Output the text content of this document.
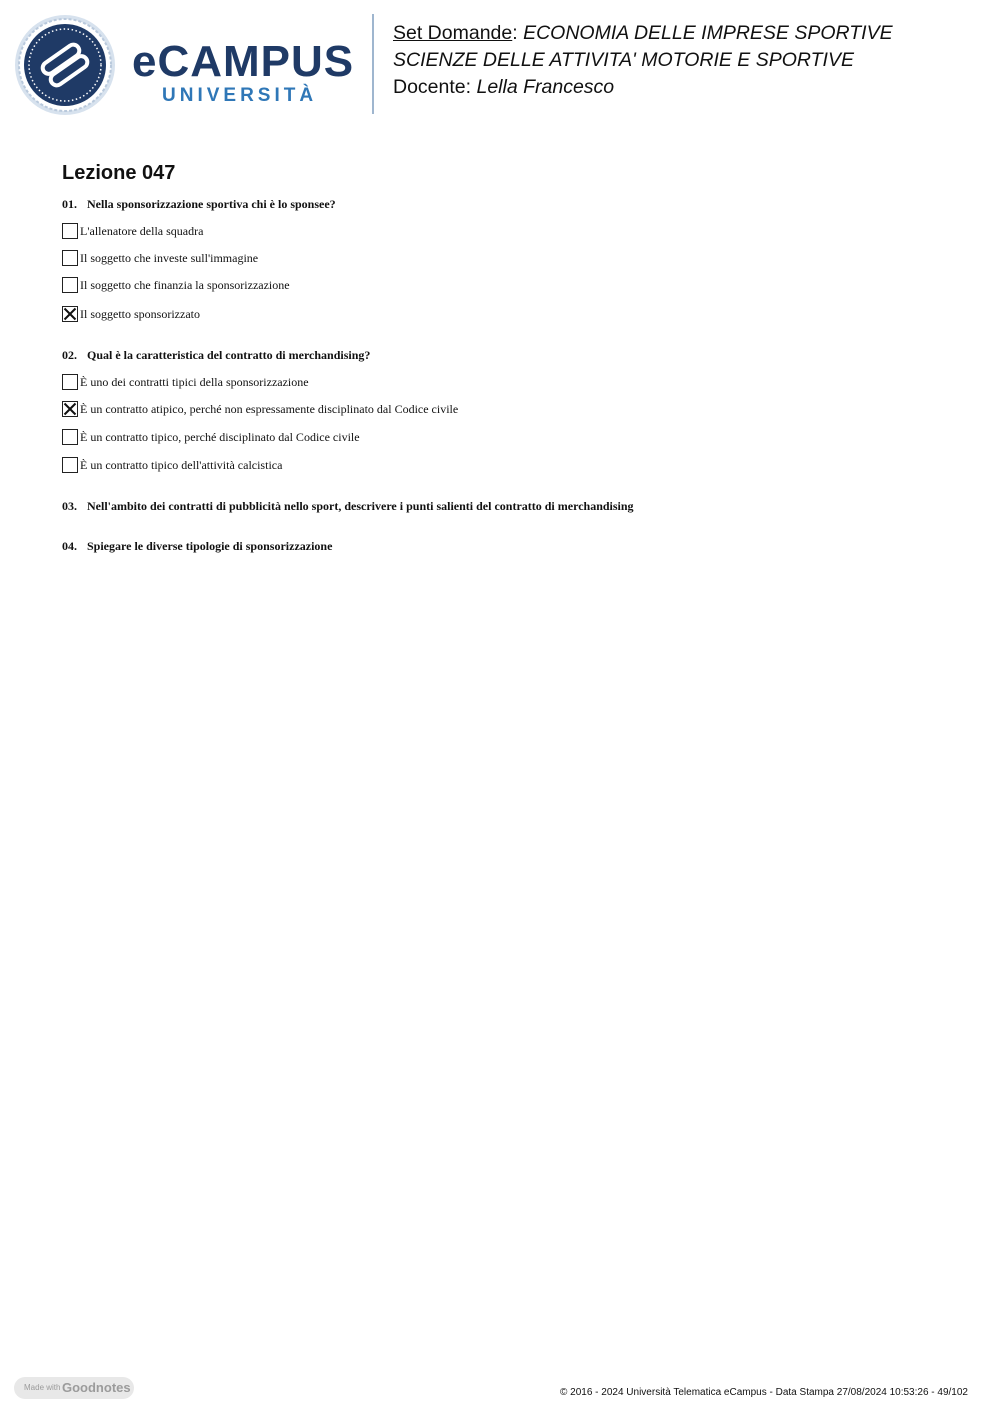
eCAMPUS
UNIVERSITÀ
Set Domande: ECONOMIA DELLE IMPRESE SPORTIVE
SCIENZE DELLE ATTIVITA' MOTORIE E SPORTIVE
Docente: Lella Francesco
Lezione 047
01. Nella sponsorizzazione sportiva chi è lo sponsee?
L'allenatore della squadra
Il soggetto che investe sull'immagine
Il soggetto che finanzia la sponsorizzazione
Il soggetto sponsorizzato
02. Qual è la caratteristica del contratto di merchandising?
È uno dei contratti tipici della sponsorizzazione
È un contratto atipico, perché non espressamente disciplinato dal Codice civile
È un contratto tipico, perché disciplinato dal Codice civile
È un contratto tipico dell'attività calcistica
03. Nell'ambito dei contratti di pubblicità nello sport, descrivere i punti salienti del contratto di merchandising
04. Spiegare le diverse tipologie di sponsorizzazione
Made with Goodnotes	© 2016 - 2024 Università Telematica eCampus - Data Stampa 27/08/2024 10:53:26 - 49/102
